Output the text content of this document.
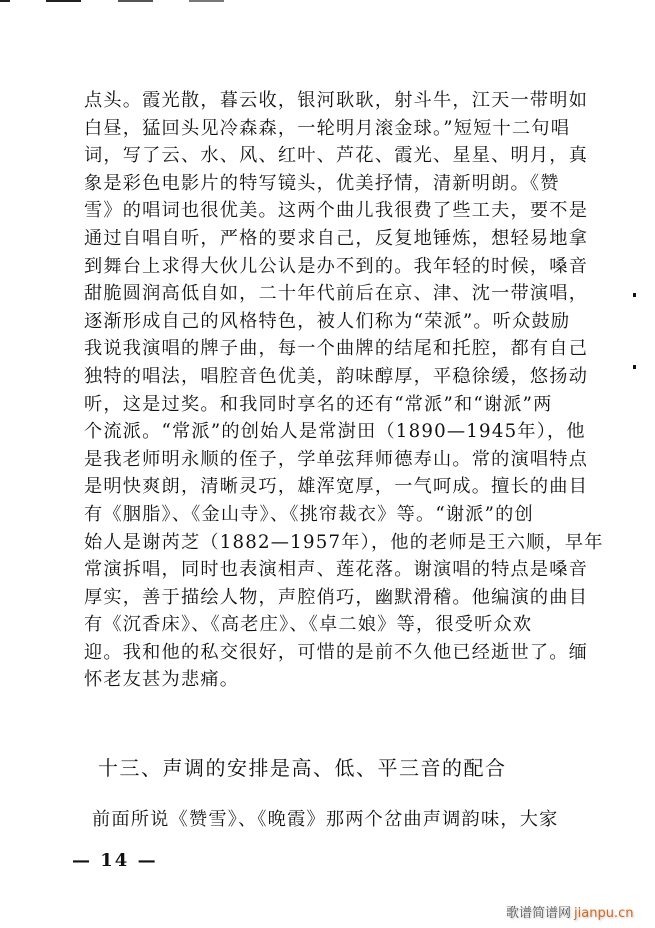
点头。霞光散，暮云收，银河耿耿，射斗牛，江天一带明如
白昼，猛回头见冷森森，一轮明月滚金球。”短短十二句唱
词，写了云、水、风、红叶、芦花、霞光、星星、明月，真
象是彩色电影片的特写镜头，优美抒情，清新明朗。《赞
雪》的唱词也很优美。这两个曲儿我很费了些工夫，要不是
通过自唱自听，严格的要求自己，反复地锤炼，想轻易地拿
到舞台上求得大伙儿公认是办不到的。我年轻的时候，嗓音
甜脆圆润高低自如，二十年代前后在京、津、沈一带演唱，
逐渐形成自己的风格特色，被人们称为“荣派”。听众鼓励
我说我演唱的牌子曲，每一个曲牌的结尾和托腔，都有自己
独特的唱法，唱腔音色优美，韵味醇厚，平稳徐缓，悠扬动
听，这是过奖。和我同时享名的还有“常派”和“谢派”两
个流派。“常派”的创始人是常澍田（1890—1945年），他
是我老师明永顺的侄子，学单弦拜师德寿山。常的演唱特点
是明快爽朗，清晰灵巧，雄浑宽厚，一气呵成。擅长的曲目
有《胭脂》、《金山寺》、《挑帘裁衣》等。“谢派”的创
始人是谢芮芝（1882—1957年），他的老师是王六顺，早年
常演拆唱，同时也表演相声、莲花落。谢演唱的特点是嗓音
厚实，善于描绘人物，声腔俏巧，幽默滑稽。他编演的曲目
有《沉香床》、《高老庄》、《卓二娘》等，很受听众欢
迎。我和他的私交很好，可惜的是前不久他已经逝世了。缅
怀老友甚为悲痛。

十三、声调的安排是高、低、平三音的配合
前面所说《赞雪》、《晚霞》那两个岔曲声调韵味，大家
— 14 —
歌谱简谱网 jianpu.cn
